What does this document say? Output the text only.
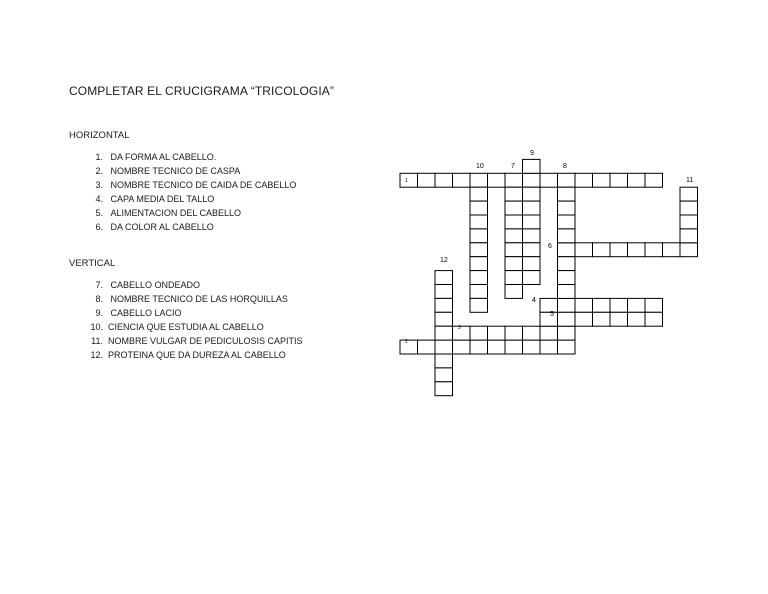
COMPLETAR EL CRUCIGRAMA “TRICOLOGIA”
HORIZONTAL
1. DA FORMA AL CABELLO.
2. NOMBRE TECNICO DE CASPA
3. NOMBRE TECNICO DE CAIDA DE CABELLO
4. CAPA MEDIA DEL TALLO
5. ALIMENTACION DEL CABELLO
6. DA COLOR AL CABELLO
VERTICAL
7. CABELLO ONDEADO
8. NOMBRE TECNICO DE LAS HORQUILLAS
9. CABELLO LACIO
10. CIENCIA QUE ESTUDIA AL CABELLO
11. NOMBRE VULGAR DE PEDICULOSIS CAPITIS
12. PROTEINA QUE DA DUREZA AL CABELLO
1
2
3
9
10	7	8
11
6
12
4
5
